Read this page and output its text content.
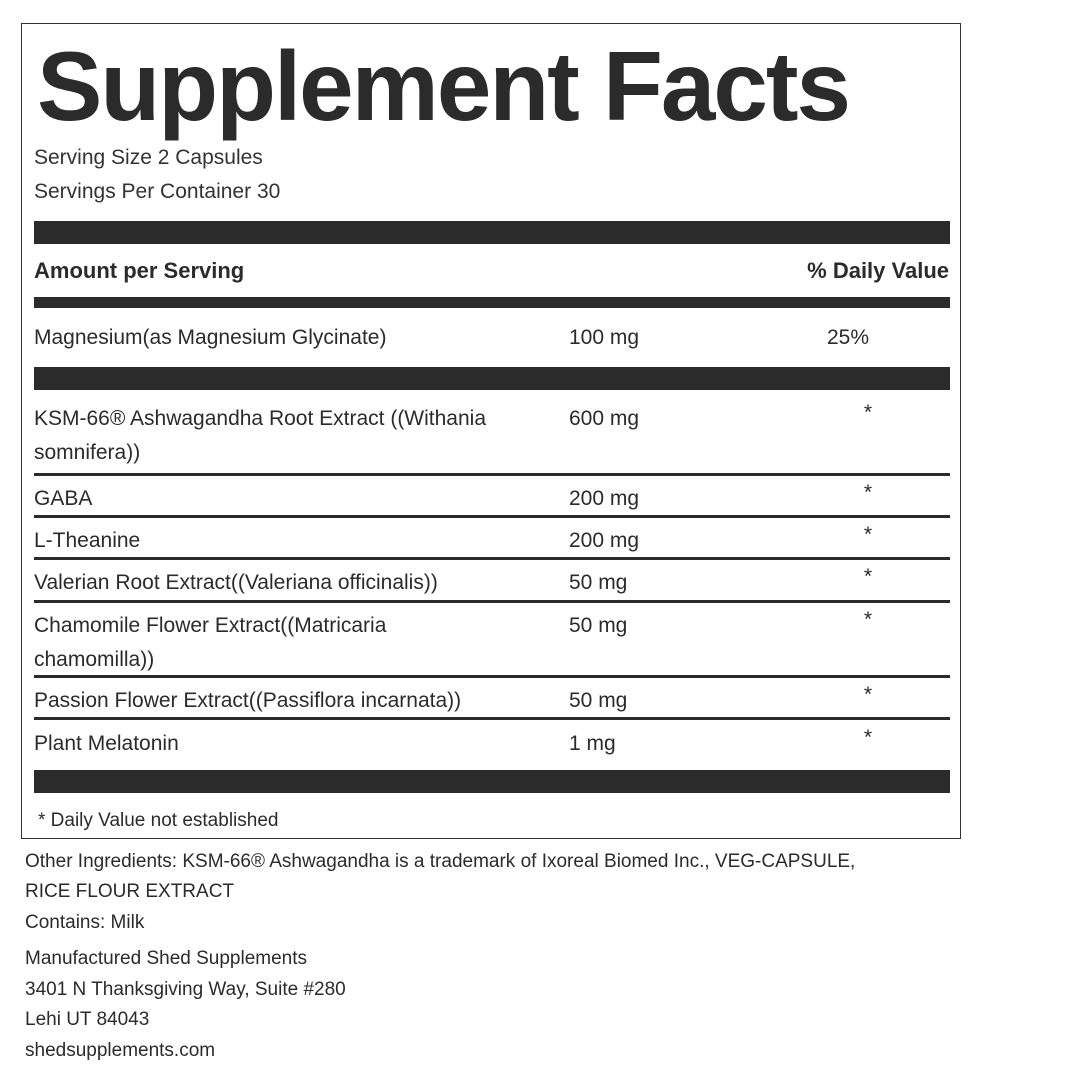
Supplement Facts
Serving Size 2 Capsules
Servings Per Container 30
Amount per Serving	% Daily Value
Magnesium(as Magnesium Glycinate)	100 mg	25%
KSM-66® Ashwagandha Root Extract ((Withania
somnifera))
600 mg	*
GABA	200 mg	*
L-Theanine	200 mg	*
Valerian Root Extract((Valeriana officinalis))	50 mg	*
Chamomile Flower Extract((Matricaria
chamomilla))
50 mg	*
Passion Flower Extract((Passiflora incarnata))	50 mg	*
Plant Melatonin	1 mg	*
* Daily Value not established
Other Ingredients: KSM-66® Ashwagandha is a trademark of Ixoreal Biomed Inc., VEG-CAPSULE,
RICE FLOUR EXTRACT
Contains: Milk
Manufactured Shed Supplements
3401 N Thanksgiving Way, Suite #280
Lehi UT 84043
shedsupplements.com
